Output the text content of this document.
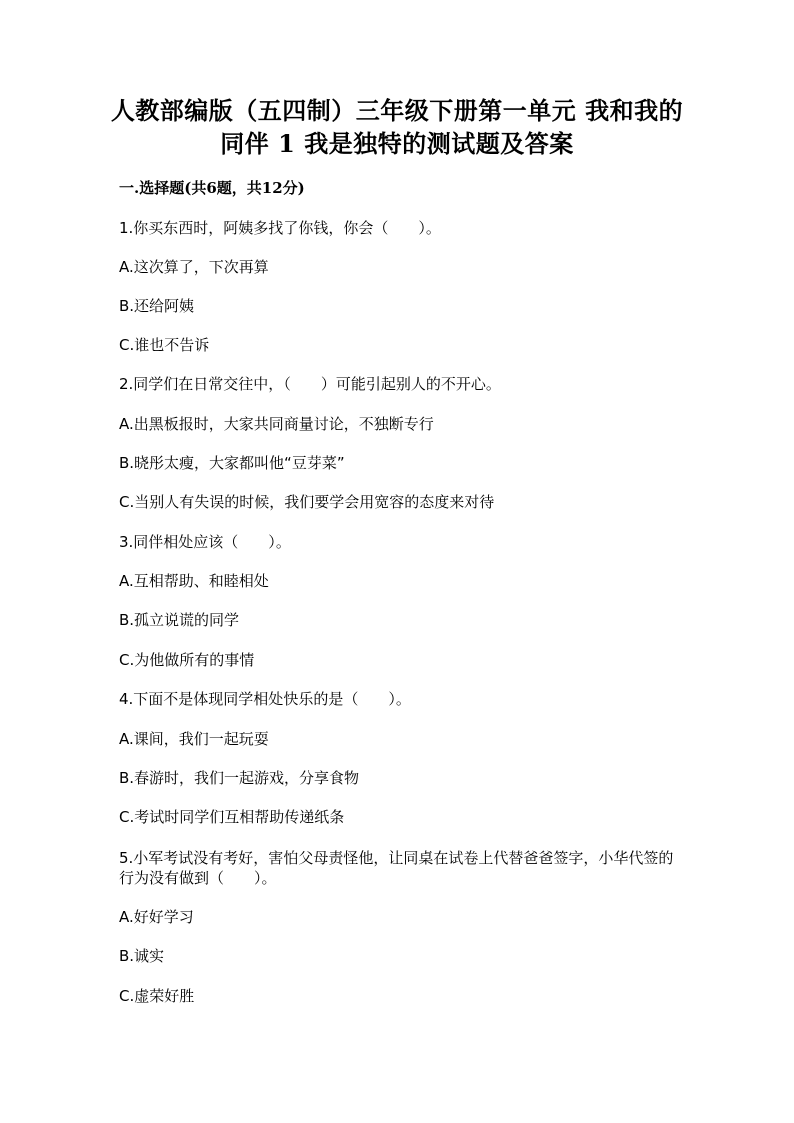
人教部编版（五四制）三年级下册第一单元 我和我的同伴 1 我是独特的测试题及答案
一.选择题(共6题，共12分)
1.你买东西时，阿姨多找了你钱，你会（　　）。
A.这次算了，下次再算
B.还给阿姨
C.谁也不告诉
2.同学们在日常交往中，（　　）可能引起别人的不开心。
A.出黑板报时，大家共同商量讨论，不独断专行
B.晓彤太瘦，大家都叫他“豆芽菜”
C.当别人有失误的时候，我们要学会用宽容的态度来对待
3.同伴相处应该（　　）。
A.互相帮助、和睦相处
B.孤立说谎的同学
C.为他做所有的事情
4.下面不是体现同学相处快乐的是（　　）。
A.课间，我们一起玩耍
B.春游时，我们一起游戏，分享食物
C.考试时同学们互相帮助传递纸条
5.小军考试没有考好，害怕父母责怪他，让同桌在试卷上代替爸爸签字，小华代签的行为没有做到（　　）。
A.好好学习
B.诚实
C.虚荣好胜
